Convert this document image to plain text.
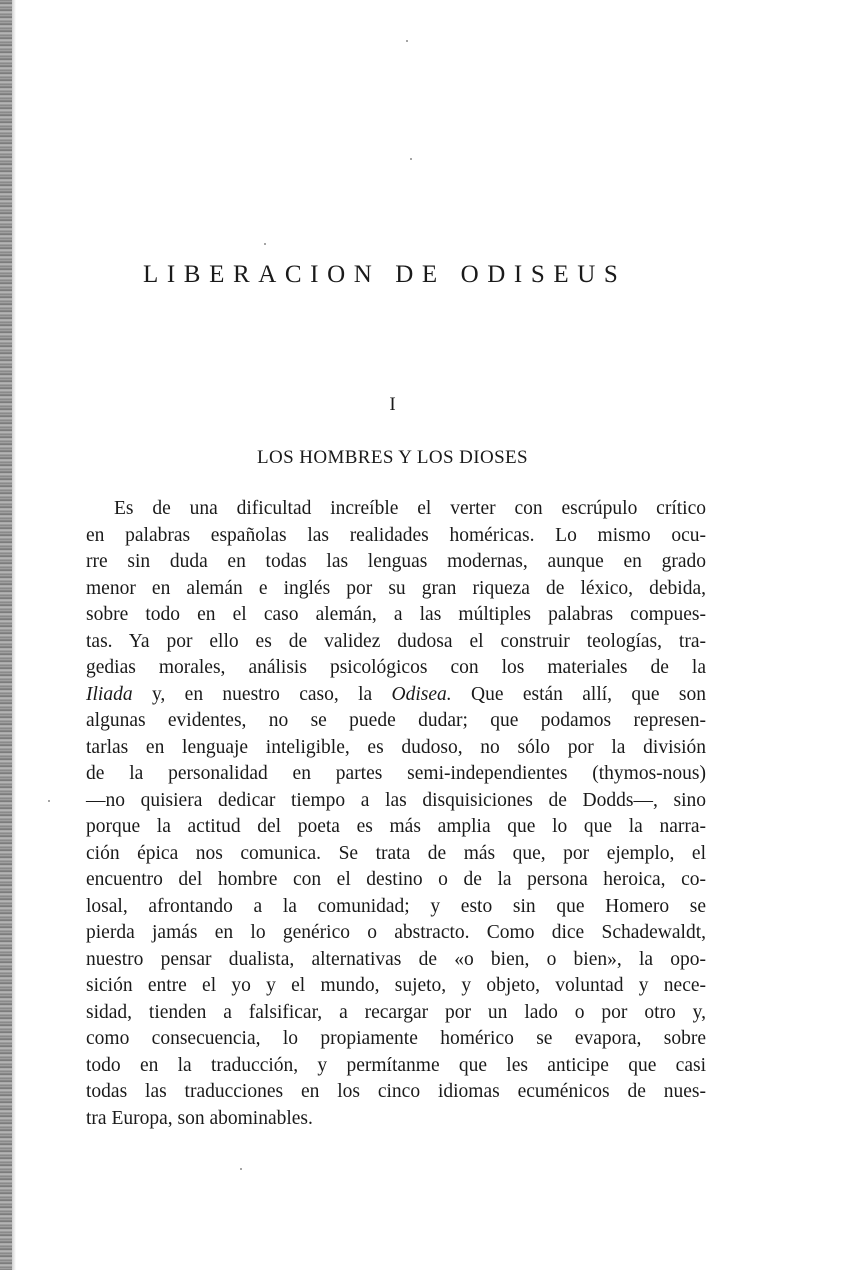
LIBERACION DE ODISEUS
I
LOS HOMBRES Y LOS DIOSES
Es de una dificultad increíble el verter con escrúpulo crítico
en palabras españolas las realidades homéricas. Lo mismo ocu-
rre sin duda en todas las lenguas modernas, aunque en grado
menor en alemán e inglés por su gran riqueza de léxico, debida,
sobre todo en el caso alemán, a las múltiples palabras compues-
tas. Ya por ello es de validez dudosa el construir teologías, tra-
gedias morales, análisis psicológicos con los materiales de la
Iliada y, en nuestro caso, la Odisea. Que están allí, que son
algunas evidentes, no se puede dudar; que podamos represen-
tarlas en lenguaje inteligible, es dudoso, no sólo por la división
de la personalidad en partes semi-independientes (thymos-nous)
—no quisiera dedicar tiempo a las disquisiciones de Dodds—, sino
porque la actitud del poeta es más amplia que lo que la narra-
ción épica nos comunica. Se trata de más que, por ejemplo, el
encuentro del hombre con el destino o de la persona heroica, co-
losal, afrontando a la comunidad; y esto sin que Homero se
pierda jamás en lo genérico o abstracto. Como dice Schadewaldt,
nuestro pensar dualista, alternativas de «o bien, o bien», la opo-
sición entre el yo y el mundo, sujeto, y objeto, voluntad y nece-
sidad, tienden a falsificar, a recargar por un lado o por otro y,
como consecuencia, lo propiamente homérico se evapora, sobre
todo en la traducción, y permítanme que les anticipe que casi
todas las traducciones en los cinco idiomas ecuménicos de nues-
tra Europa, son abominables.
